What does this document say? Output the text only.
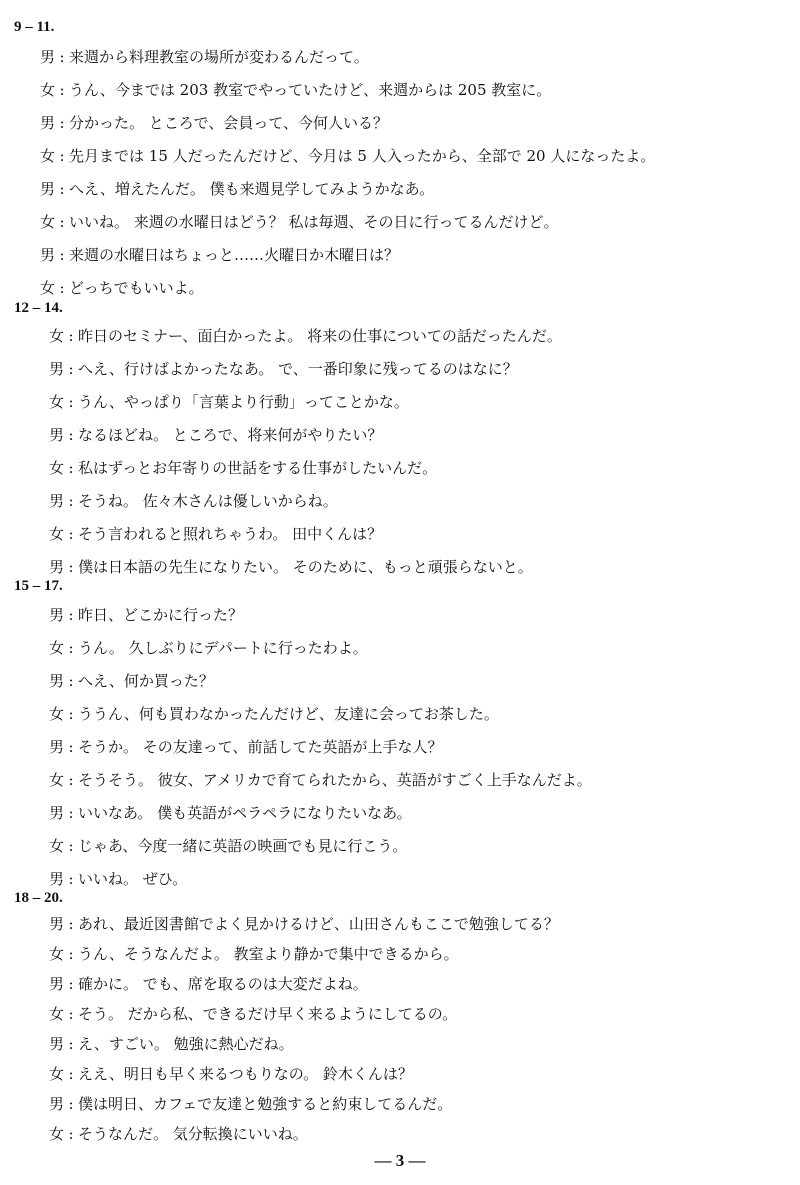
9 – 11.
男 : 来週から料理教室の場所が変わるんだって。
女 : うん、今までは 203 教室でやっていたけど、来週からは 205 教室に。
男 : 分かった。 ところで、会員って、今何人いる？
女 : 先月までは 15 人だったんだけど、今月は 5 人入ったから、全部で 20 人になったよ。
男 : へえ、増えたんだ。 僕も来週見学してみようかなあ。
女 : いいね。 来週の水曜日はどう？ 私は毎週、その日に行ってるんだけど。
男 : 来週の水曜日はちょっと……火曜日か木曜日は？
女 : どっちでもいいよ。
12 – 14.
女 : 昨日のセミナー、面白かったよ。 将来の仕事についての話だったんだ。
男 : へえ、行けばよかったなあ。 で、一番印象に残ってるのはなに？
女 : うん、やっぱり「言葉より行動」ってことかな。
男 : なるほどね。 ところで、将来何がやりたい？
女 : 私はずっとお年寄りの世話をする仕事がしたいんだ。
男 : そうね。 佐々木さんは優しいからね。
女 : そう言われると照れちゃうわ。 田中くんは？
男 : 僕は日本語の先生になりたい。 そのために、もっと頑張らないと。
15 – 17.
男 : 昨日、どこかに行った？
女 : うん。 久しぶりにデパートに行ったわよ。
男 : へえ、何か買った？
女 : ううん、何も買わなかったんだけど、友達に会ってお茶した。
男 : そうか。 その友達って、前話してた英語が上手な人？
女 : そうそう。 彼女、アメリカで育てられたから、英語がすごく上手なんだよ。
男 : いいなあ。 僕も英語がペラペラになりたいなあ。
女 : じゃあ、今度一緒に英語の映画でも見に行こう。
男 : いいね。 ぜひ。
18 – 20.
男 : あれ、最近図書館でよく見かけるけど、山田さんもここで勉強してる？
女 : うん、そうなんだよ。 教室より静かで集中できるから。
男 : 確かに。 でも、席を取るのは大変だよね。
女 : そう。 だから私、できるだけ早く来るようにしてるの。
男 : え、すごい。 勉強に熱心だね。
女 : ええ、明日も早く来るつもりなの。 鈴木くんは？
男 : 僕は明日、カフェで友達と勉強すると約束してるんだ。
女 : そうなんだ。 気分転換にいいね。
— 3 —
